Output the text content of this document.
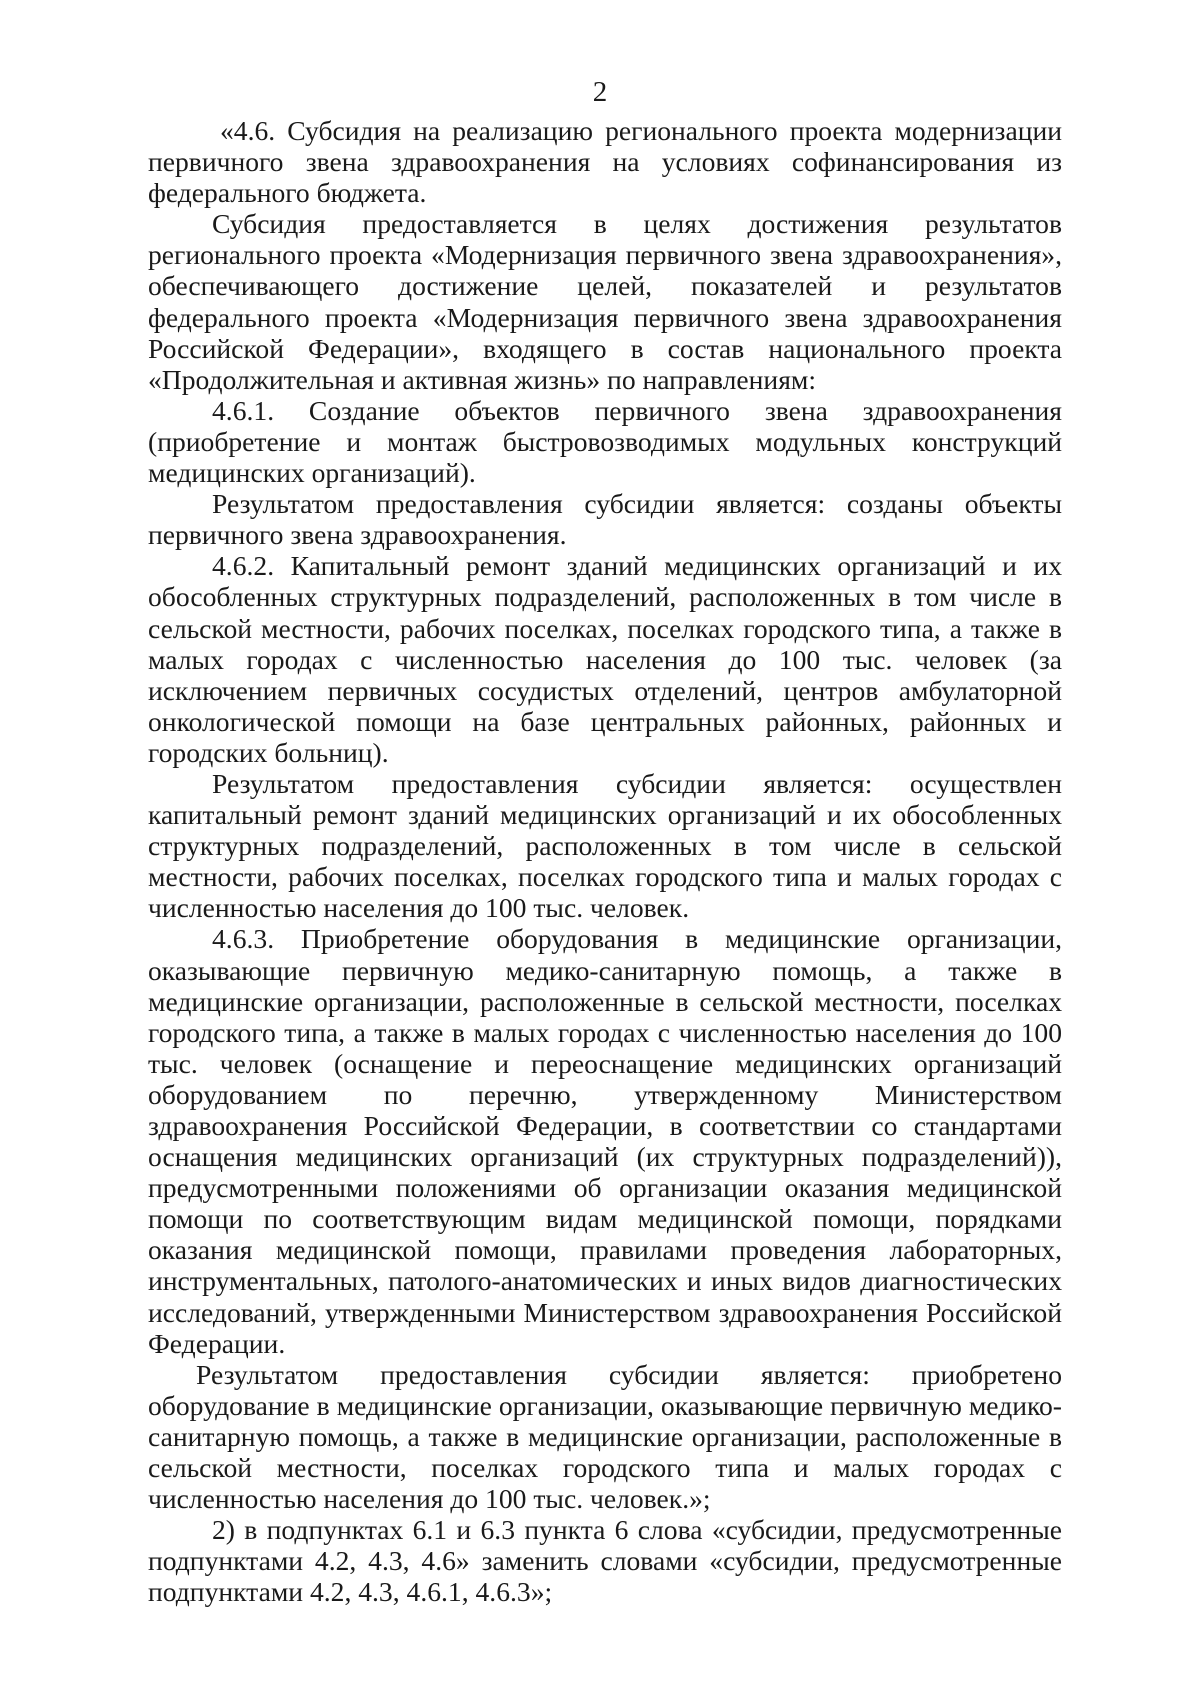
2

«4.6. Субсидия на реализацию регионального проекта модернизации первичного звена здравоохранения на условиях софинансирования из федерального бюджета.

Субсидия предоставляется в целях достижения результатов регионального проекта «Модернизация первичного звена здравоохранения», обеспечивающего достижение целей, показателей и результатов федерального проекта «Модернизация первичного звена здравоохранения Российской Федерации», входящего в состав национального проекта «Продолжительная и активная жизнь» по направлениям:

4.6.1. Создание объектов первичного звена здравоохранения (приобретение и монтаж быстровозводимых модульных конструкций медицинских организаций).

Результатом предоставления субсидии является: созданы объекты первичного звена здравоохранения.

4.6.2. Капитальный ремонт зданий медицинских организаций и их обособленных структурных подразделений, расположенных в том числе в сельской местности, рабочих поселках, поселках городского типа, а также в малых городах с численностью населения до 100 тыс. человек (за исключением первичных сосудистых отделений, центров амбулаторной онкологической помощи на базе центральных районных, районных и городских больниц).

Результатом предоставления субсидии является: осуществлен капитальный ремонт зданий медицинских организаций и их обособленных структурных подразделений, расположенных в том числе в сельской местности, рабочих поселках, поселках городского типа и малых городах с численностью населения до 100 тыс. человек.

4.6.3. Приобретение оборудования в медицинские организации, оказывающие первичную медико-санитарную помощь, а также в медицинские организации, расположенные в сельской местности, поселках городского типа, а также в малых городах с численностью населения до 100 тыс. человек (оснащение и переоснащение медицинских организаций оборудованием по перечню, утвержденному Министерством здравоохранения Российской Федерации, в соответствии со стандартами оснащения медицинских организаций (их структурных подразделений)), предусмотренными положениями об организации оказания медицинской помощи по соответствующим видам медицинской помощи, порядками оказания медицинской помощи, правилами проведения лабораторных, инструментальных, патолого-анатомических и иных видов диагностических исследований, утвержденными Министерством здравоохранения Российской Федерации.

Результатом предоставления субсидии является: приобретено оборудование в медицинские организации, оказывающие первичную медико-санитарную помощь, а также в медицинские организации, расположенные в сельской местности, поселках городского типа и малых городах с численностью населения до 100 тыс. человек.»;

2) в подпунктах 6.1 и 6.3 пункта 6 слова «субсидии, предусмотренные подпунктами 4.2, 4.3, 4.6» заменить словами «субсидии, предусмотренные подпунктами 4.2, 4.3, 4.6.1, 4.6.3»;
